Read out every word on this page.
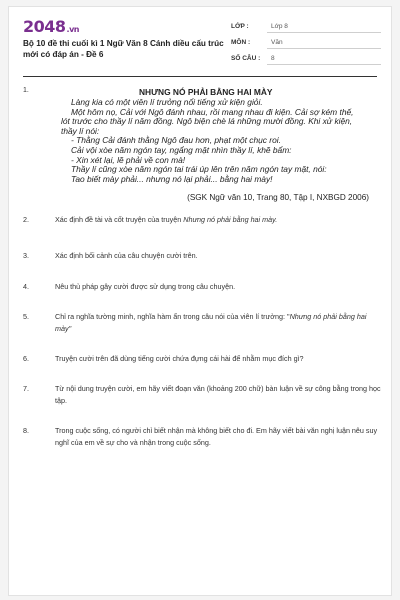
2048.vn
Bộ 10 đề thi cuối kì 1 Ngữ Văn 8 Cánh diều cấu trúc mới có đáp án - Đề 6
LỚP :	Lớp 8
MÔN :	Văn
SỐ CÂU : 8
1.	NHƯNG NÓ PHẢI BẰNG HAI MÀY
Làng kia có một viên lí trưởng nổi tiếng xử kiện giỏi.
Một hôm nọ, Cải với Ngô đánh nhau, rồi mang nhau đi kiện. Cải sợ kém thế,
lót trước cho thầy lí năm đồng. Ngô biện chè lá những mười đồng. Khi xử kiện,
thầy lí nói:
- Thằng Cải đánh thằng Ngô đau hơn, phạt một chục roi.
Cải vội xòe năm ngón tay, ngẩng mặt nhìn thầy lí, khẽ bẩm:
- Xin xét lại, lẽ phải về con mà!
Thầy lí cũng xòe năm ngón tai trái úp lên trên năm ngón tay mặt, nói:
Tao biết mày phải... nhưng nó lại phải... bằng hai mày!
(SGK Ngữ văn 10, Trang 80, Tập I, NXBGD 2006)
2.	Xác định đề tài và cốt truyện của truyện Nhưng nó phải bằng hai mày.
3.	Xác định bối cảnh của câu chuyện cười trên.
4.	Nêu thủ pháp gây cười được sử dụng trong câu chuyện.
5.	Chỉ ra nghĩa tường minh, nghĩa hàm ẩn trong câu nói của viên lí trưởng: "Nhưng nó phải bằng hai mày"
6.	Truyện cười trên đã dùng tiếng cười chứa đựng cái hài để nhằm mục đích gì?
7.	Từ nội dung truyện cười, em hãy viết đoạn văn (khoảng 200 chữ) bàn luận về sự công bằng trong học tập.
8.	Trong cuộc sống, có người chỉ biết nhận mà không biết cho đi. Em hãy viết bài văn nghị luận nêu suy nghĩ của em về sự cho và nhận trong cuộc sống.
